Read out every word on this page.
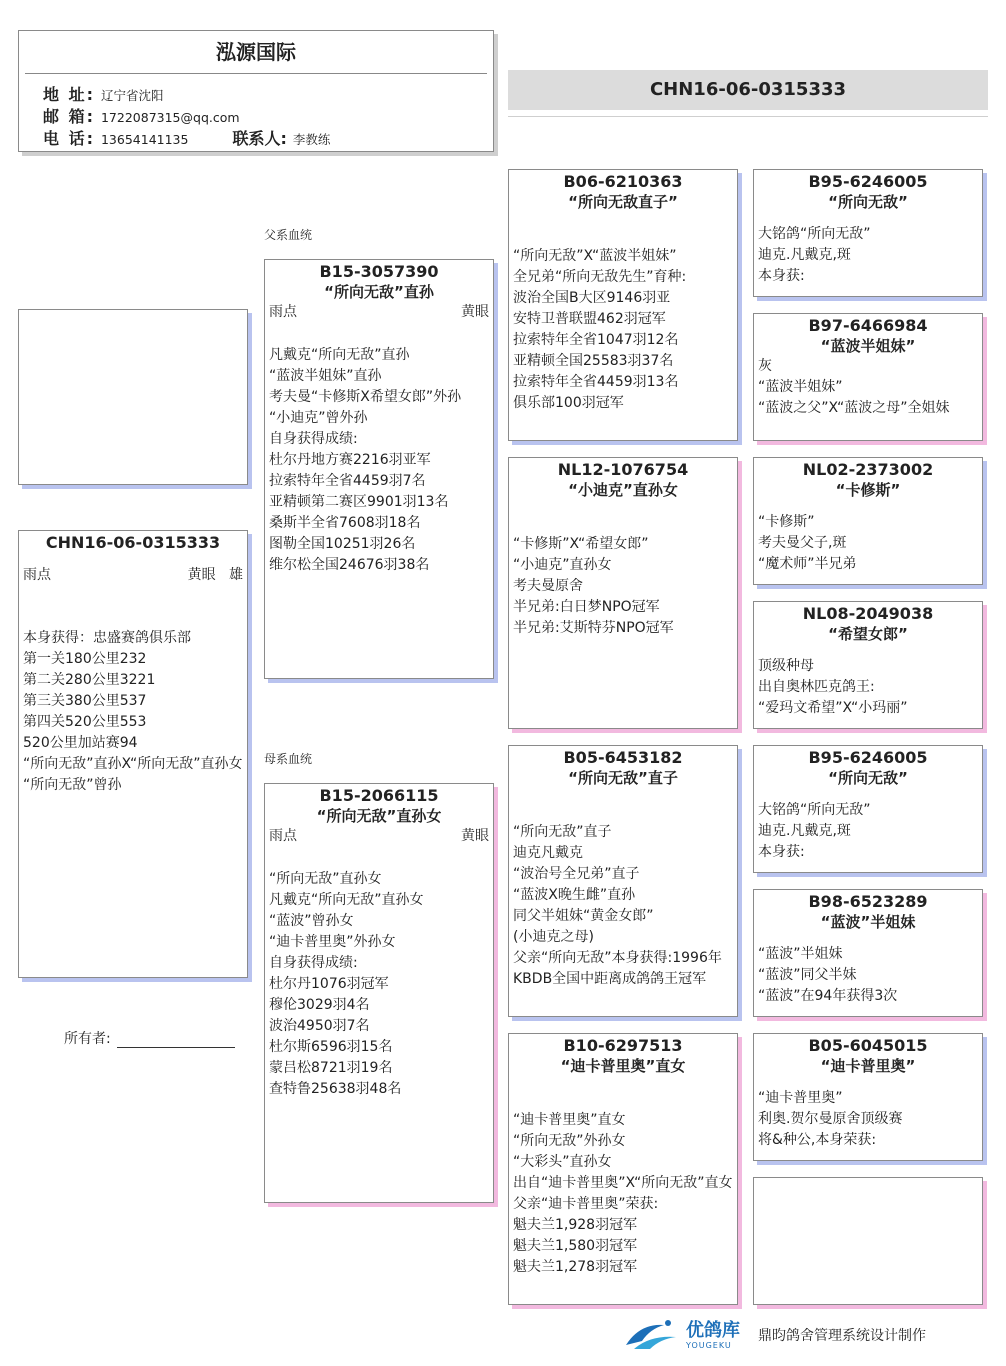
泓源国际
地 址: 辽宁省沈阳
邮 箱: 1722087315@qq.com
电 话: 13654141135	联系人: 李教练
CHN16-06-0315333
CHN16-06-0315333
雨点	黄眼 雄
本身获得：忠盛赛鸽俱乐部
第一关180公里232
第二关280公里3221
第三关380公里537
第四关520公里553
520公里加站赛94
“所向无敌”直孙X“所向无敌”直孙女
“所向无敌”曾孙
所有者:
父系血统
B15-3057390
“所向无敌”直孙
雨点	黄眼
凡戴克“所向无敌”直孙
“蓝波半姐妹”直孙
考夫曼“卡修斯X希望女郎”外孙
“小迪克”曾外孙
自身获得成绩:
杜尔丹地方赛2216羽亚军
拉索特年全省4459羽7名
亚精顿第二赛区9901羽13名
桑斯半全省7608羽18名
图勒全国10251羽26名
维尔松全国24676羽38名
母系血统
B15-2066115
“所向无敌”直孙女
雨点	黄眼
“所向无敌”直孙女
凡戴克“所向无敌”直孙女
“蓝波”曾孙女
“迪卡普里奥”外孙女
自身获得成绩:
杜尔丹1076羽冠军
穆伦3029羽4名
波治4950羽7名
杜尔斯6596羽15名
蒙吕松8721羽19名
查特鲁25638羽48名
B06-6210363
“所向无敌直子”
“所向无敌”X“蓝波半姐妹”
全兄弟“所向无敌先生”育种:
波治全国B大区9146羽亚
安特卫普联盟462羽冠军
拉索特年全省1047羽12名
亚精顿全国25583羽37名
拉索特年全省4459羽13名
俱乐部100羽冠军
NL12-1076754
“小迪克”直孙女
“卡修斯”X“希望女郎”
“小迪克”直孙女
考夫曼原舍
半兄弟:白日梦NPO冠军
半兄弟:艾斯特芬NPO冠军
B05-6453182
“所向无敌”直子
“所向无敌”直子
迪克凡戴克
“波治号全兄弟”直子
“蓝波X晚生雌”直孙
同父半姐妹“黄金女郎”
(小迪克之母)
父亲“所向无敌”本身获得:1996年KBDB全国中距离成鸽鸽王冠军
B10-6297513
“迪卡普里奥”直女
“迪卡普里奥”直女
“所向无敌”外孙女
“大彩头”直孙女
出自“迪卡普里奥”X“所向无敌”直女
父亲“迪卡普里奥”荣获:
魁夫兰1,928羽冠军
魁夫兰1,580羽冠军
魁夫兰1,278羽冠军
B95-6246005
“所向无敌”
大铭鸽“所向无敌”
迪克.凡戴克,斑
本身获:
B97-6466984
“蓝波半姐妹”
灰
“蓝波半姐妹”
“蓝波之父”X“蓝波之母”全姐妹
NL02-2373002
“卡修斯”
“卡修斯”
考夫曼父子,斑
“魔术师”半兄弟
NL08-2049038
“希望女郎”
顶级种母
出自奥林匹克鸽王:
“爱玛文希望”X“小玛丽”
B95-6246005
“所向无敌”
大铭鸽“所向无敌”
迪克.凡戴克,斑
本身获:
B98-6523289
“蓝波”半姐妹
“蓝波”半姐妹
“蓝波”同父半妹
“蓝波”在94年获得3次
B05-6045015
“迪卡普里奥”
“迪卡普里奥”
利奥.贺尔曼原舍顶级赛
将&种公,本身荣获:
优鸽库
YOUGEKU
鼎昀鸽舍管理系统设计制作
